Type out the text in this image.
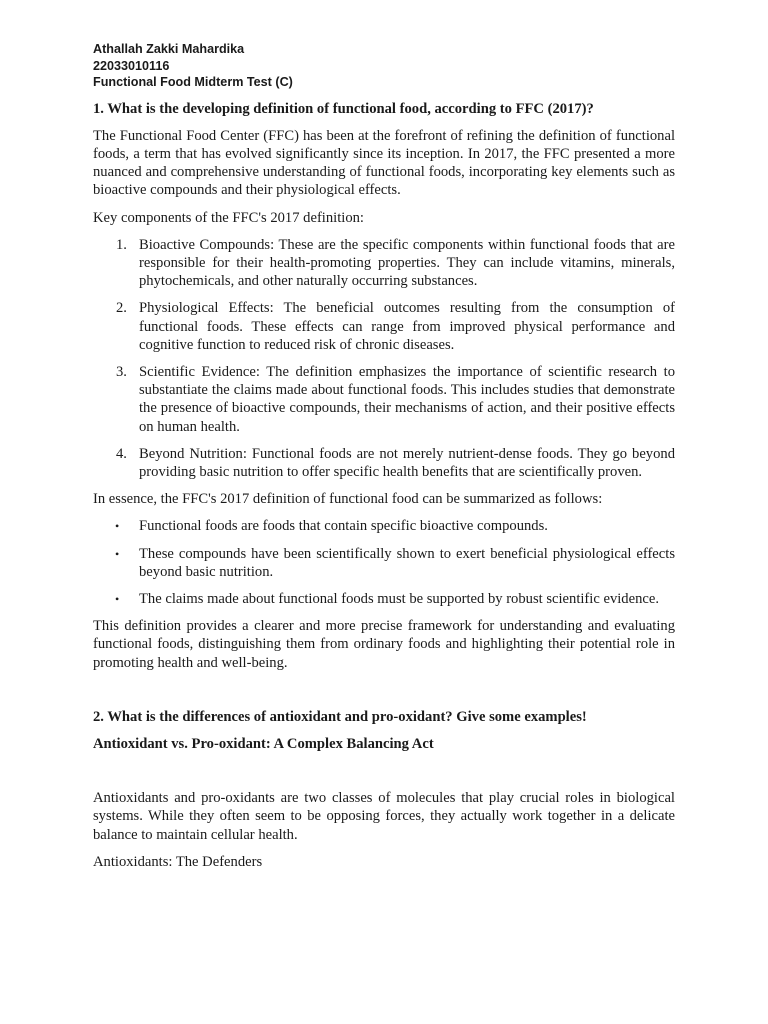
Athallah Zakki Mahardika
22033010116
Functional Food Midterm Test (C)
1. What is the developing definition of functional food, according to FFC (2017)?

The Functional Food Center (FFC) has been at the forefront of refining the definition of functional foods, a term that has evolved significantly since its inception. In 2017, the FFC presented a more nuanced and comprehensive understanding of functional foods, incorporating key elements such as bioactive compounds and their physiological effects.

Key components of the FFC's 2017 definition:

1. Bioactive Compounds: These are the specific components within functional foods that are responsible for their health-promoting properties. They can include vitamins, minerals, phytochemicals, and other naturally occurring substances.
2. Physiological Effects: The beneficial outcomes resulting from the consumption of functional foods. These effects can range from improved physical performance and cognitive function to reduced risk of chronic diseases.
3. Scientific Evidence: The definition emphasizes the importance of scientific research to substantiate the claims made about functional foods. This includes studies that demonstrate the presence of bioactive compounds, their mechanisms of action, and their positive effects on human health.
4. Beyond Nutrition: Functional foods are not merely nutrient-dense foods. They go beyond providing basic nutrition to offer specific health benefits that are scientifically proven.

In essence, the FFC's 2017 definition of functional food can be summarized as follows:

• Functional foods are foods that contain specific bioactive compounds.
• These compounds have been scientifically shown to exert beneficial physiological effects beyond basic nutrition.
• The claims made about functional foods must be supported by robust scientific evidence.

This definition provides a clearer and more precise framework for understanding and evaluating functional foods, distinguishing them from ordinary foods and highlighting their potential role in promoting health and well-being.

2. What is the differences of antioxidant and pro-oxidant? Give some examples!

Antioxidant vs. Pro-oxidant: A Complex Balancing Act

Antioxidants and pro-oxidants are two classes of molecules that play crucial roles in biological systems. While they often seem to be opposing forces, they actually work together in a delicate balance to maintain cellular health.

Antioxidants: The Defenders
